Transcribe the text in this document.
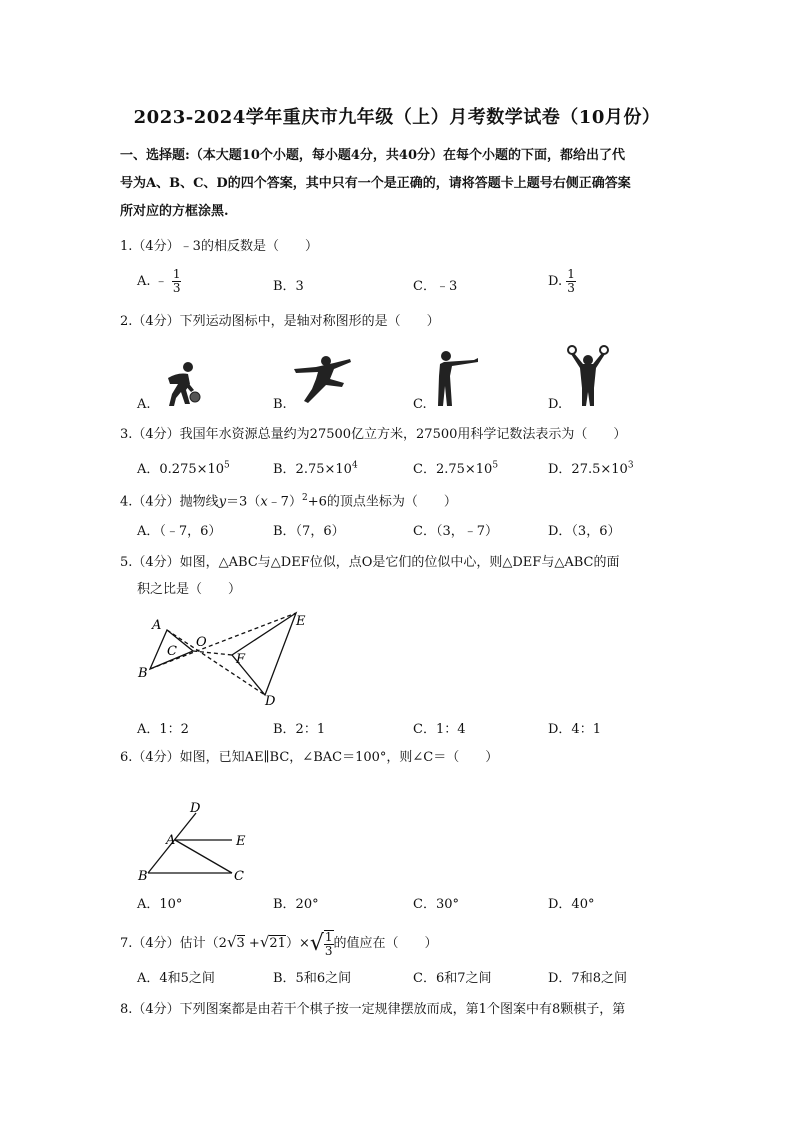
2023-2024学年重庆市九年级（上）月考数学试卷（10月份）
一、选择题:（本大题10个小题，每小题4分，共40分）在每个小题的下面，都给出了代
号为A、B、C、D的四个答案，其中只有一个是正确的，请将答题卡上题号右侧正确答案
所对应的方框涂黑.
1.（4分）﹣3的相反数是（　　）
A. ﹣ $\frac{1}{3}$	B．3	C．﹣3	D. $\frac{1}{3}$
2.（4分）下列运动图标中，是轴对称图形的是（　　）
A.	B.	C.	D.
3.（4分）我国年水资源总量约为27500亿立方米，27500用科学记数法表示为（　　）
A．$0.275\times 10^5$	B．$2.75\times 10^4$	C．$2.75\times 10^5$	D．$27.5\times 10^3$
4.（4分）抛物线y＝3（x﹣7）$^2$+6的顶点坐标为（　　）
A．（﹣7，6）	B．（7，6）	C．（3，﹣7）	D．（3，6）
5.（4分）如图，△ABC与△DEF位似，点O是它们的位似中心，则△DEF与△ABC的面
积之比是（　　）
A
B
C
O
F
E
D
A．1：2	B．2：1	C．1：4	D．4：1
6.（4分）如图，已知AE∥BC，∠BAC＝100°，则∠C＝（　　）
D
A	E
B	C
A．10°	B．20°	C．30°	D．40°
7.（4分）估计$(2√3 +√21)\times√ \frac{1}{3}$ 的值应在（　　）
A．4和5之间	B．5和6之间	C．6和7之间	D．7和8之间
8.（4分）下列图案都是由若干个棋子按一定规律摆放而成，第1个图案中有8颗棋子，第
